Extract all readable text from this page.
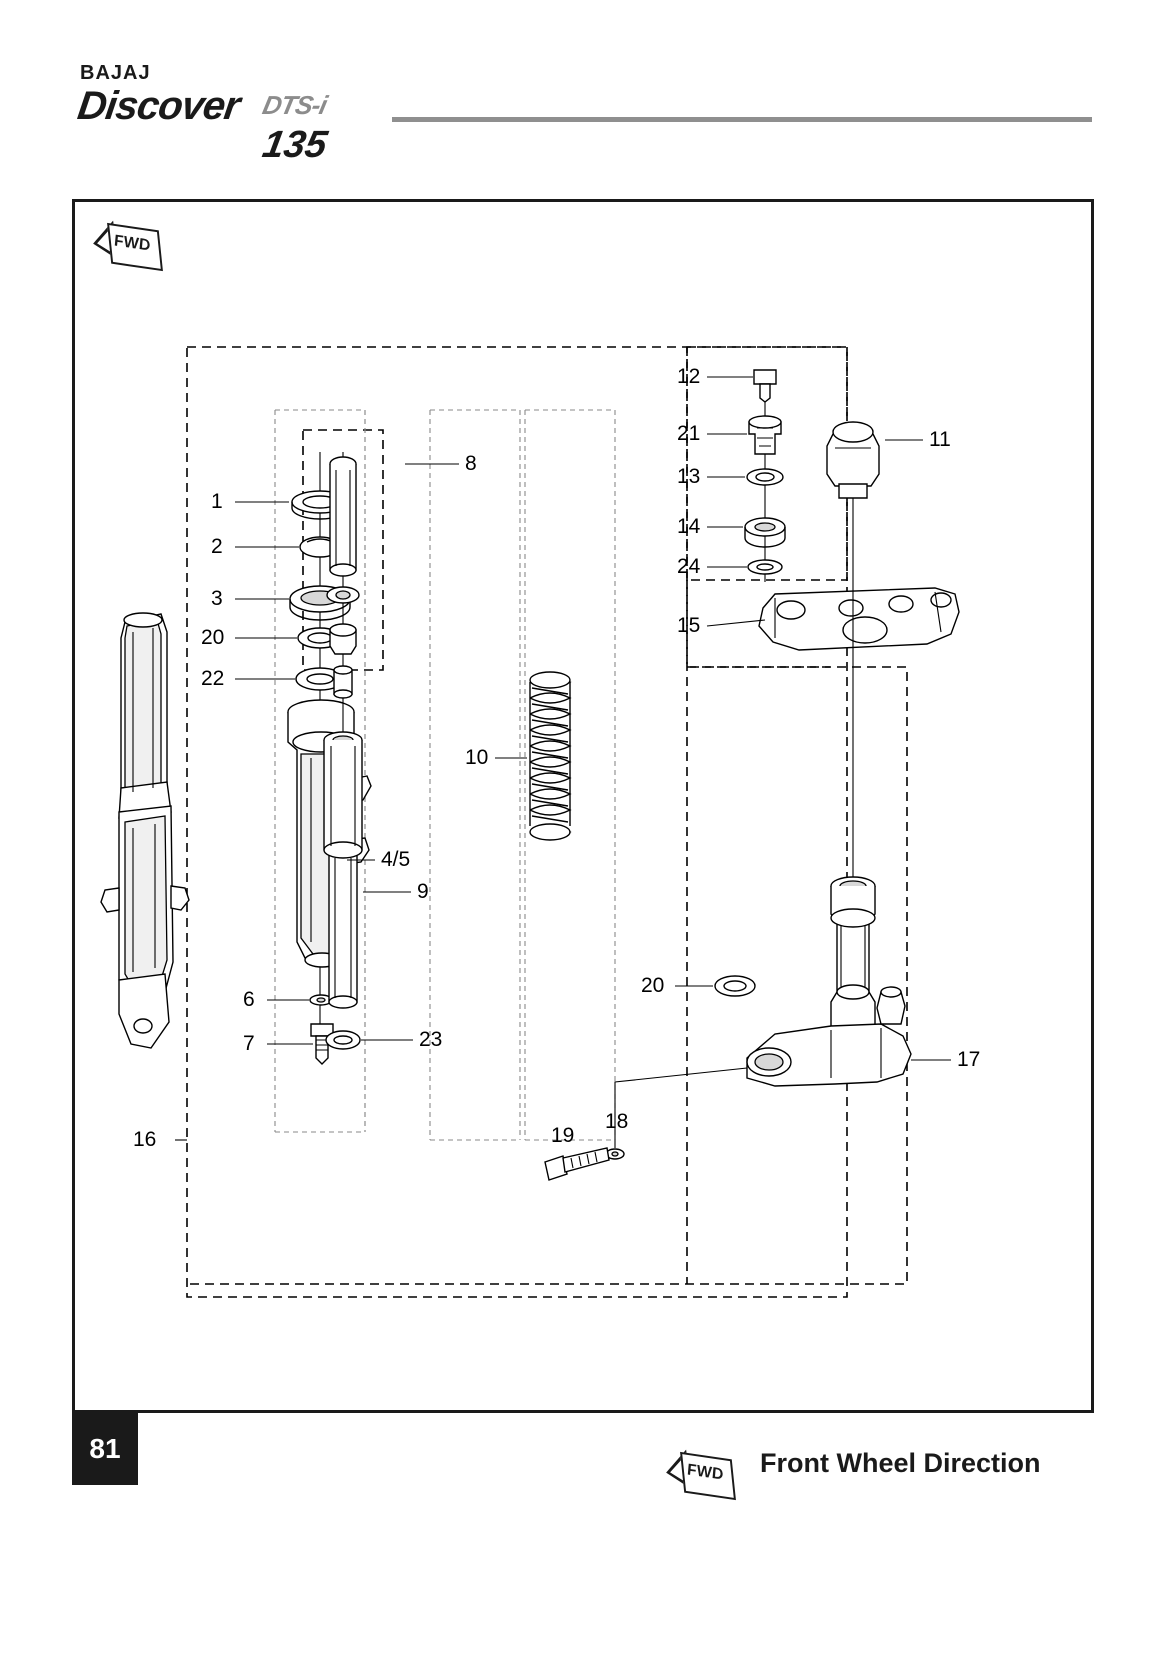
BAJAJ
Discover DTS-i
135
1
2
3
20
22
4/5
6
7
8
9
10
11
12
13
14
15
16
17
18
19
20
21
23
24
FWD
81
FWD Front Wheel Direction
